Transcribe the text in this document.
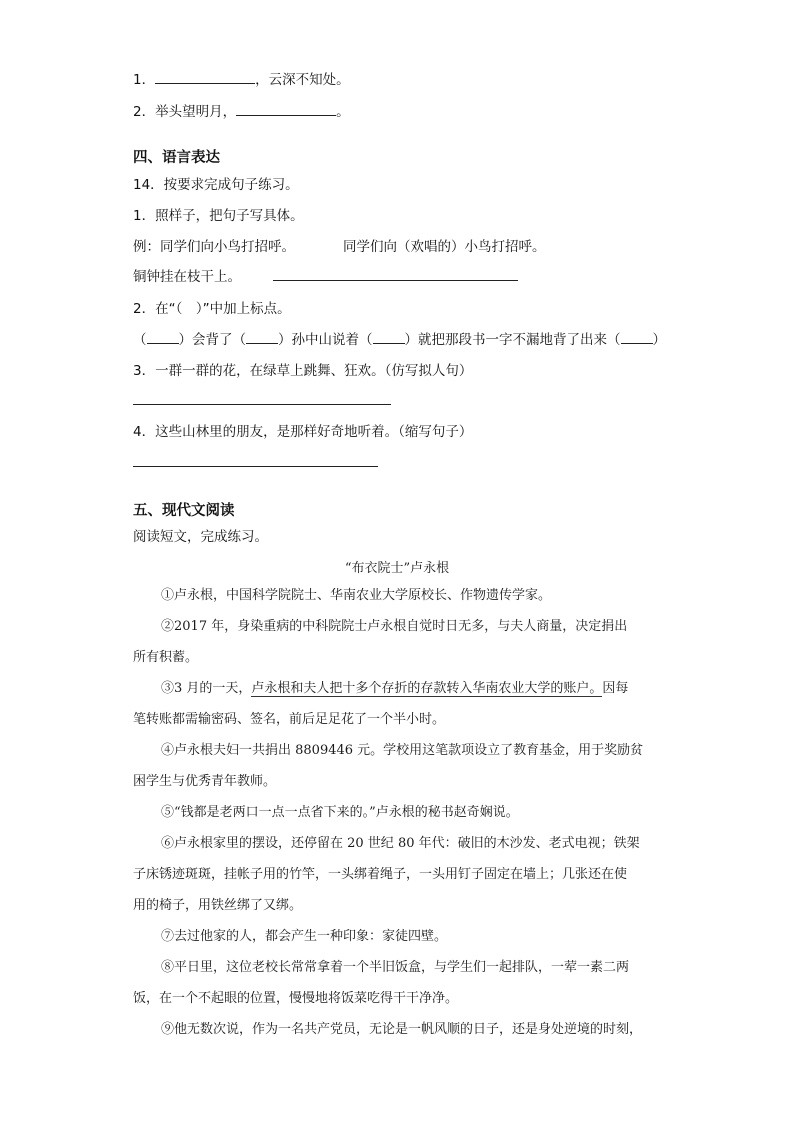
1．	，云深不知处。
2．举头望明月，	。
四、语言表达
14．按要求完成句子练习。
1．照样子，把句子写具体。
例：同学们向小鸟打招呼。	同学们向（欢唱的）小鸟打招呼。
铜钟挂在枝干上。
2．在“（　）”中加上标点。
（ ）会背了（ ）孙中山说着（ ）就把那段书一字不漏地背了出来（ ）
3．一群一群的花，在绿草上跳舞、狂欢。（仿写拟人句）
4．这些山林里的朋友，是那样好奇地听着。（缩写句子）
五、现代文阅读
阅读短文，完成练习。
“布衣院士”卢永根
①卢永根，中国科学院院士、华南农业大学原校长、作物遗传学家。
②2017 年，身染重病的中科院院士卢永根自觉时日无多，与夫人商量，决定捐出
所有积蓄。
③3 月的一天，卢永根和夫人把十多个存折的存款转入华南农业大学的账户。因每
笔转账都需输密码、签名，前后足足花了一个半小时。
④卢永根夫妇一共捐出 8809446 元。学校用这笔款项设立了教育基金，用于奖励贫
困学生与优秀青年教师。
⑤“钱都是老两口一点一点省下来的。”卢永根的秘书赵奇娴说。
⑥卢永根家里的摆设，还停留在 20 世纪 80 年代：破旧的木沙发、老式电视；铁架
子床锈迹斑斑，挂帐子用的竹竿，一头绑着绳子，一头用钉子固定在墙上；几张还在使
用的椅子，用铁丝绑了又绑。
⑦去过他家的人，都会产生一种印象：家徒四壁。
⑧平日里，这位老校长常常拿着一个半旧饭盒，与学生们一起排队，一荤一素二两
饭，在一个不起眼的位置，慢慢地将饭菜吃得干干净净。
⑨他无数次说，作为一名共产党员，无论是一帆风顺的日子，还是身处逆境的时刻，
